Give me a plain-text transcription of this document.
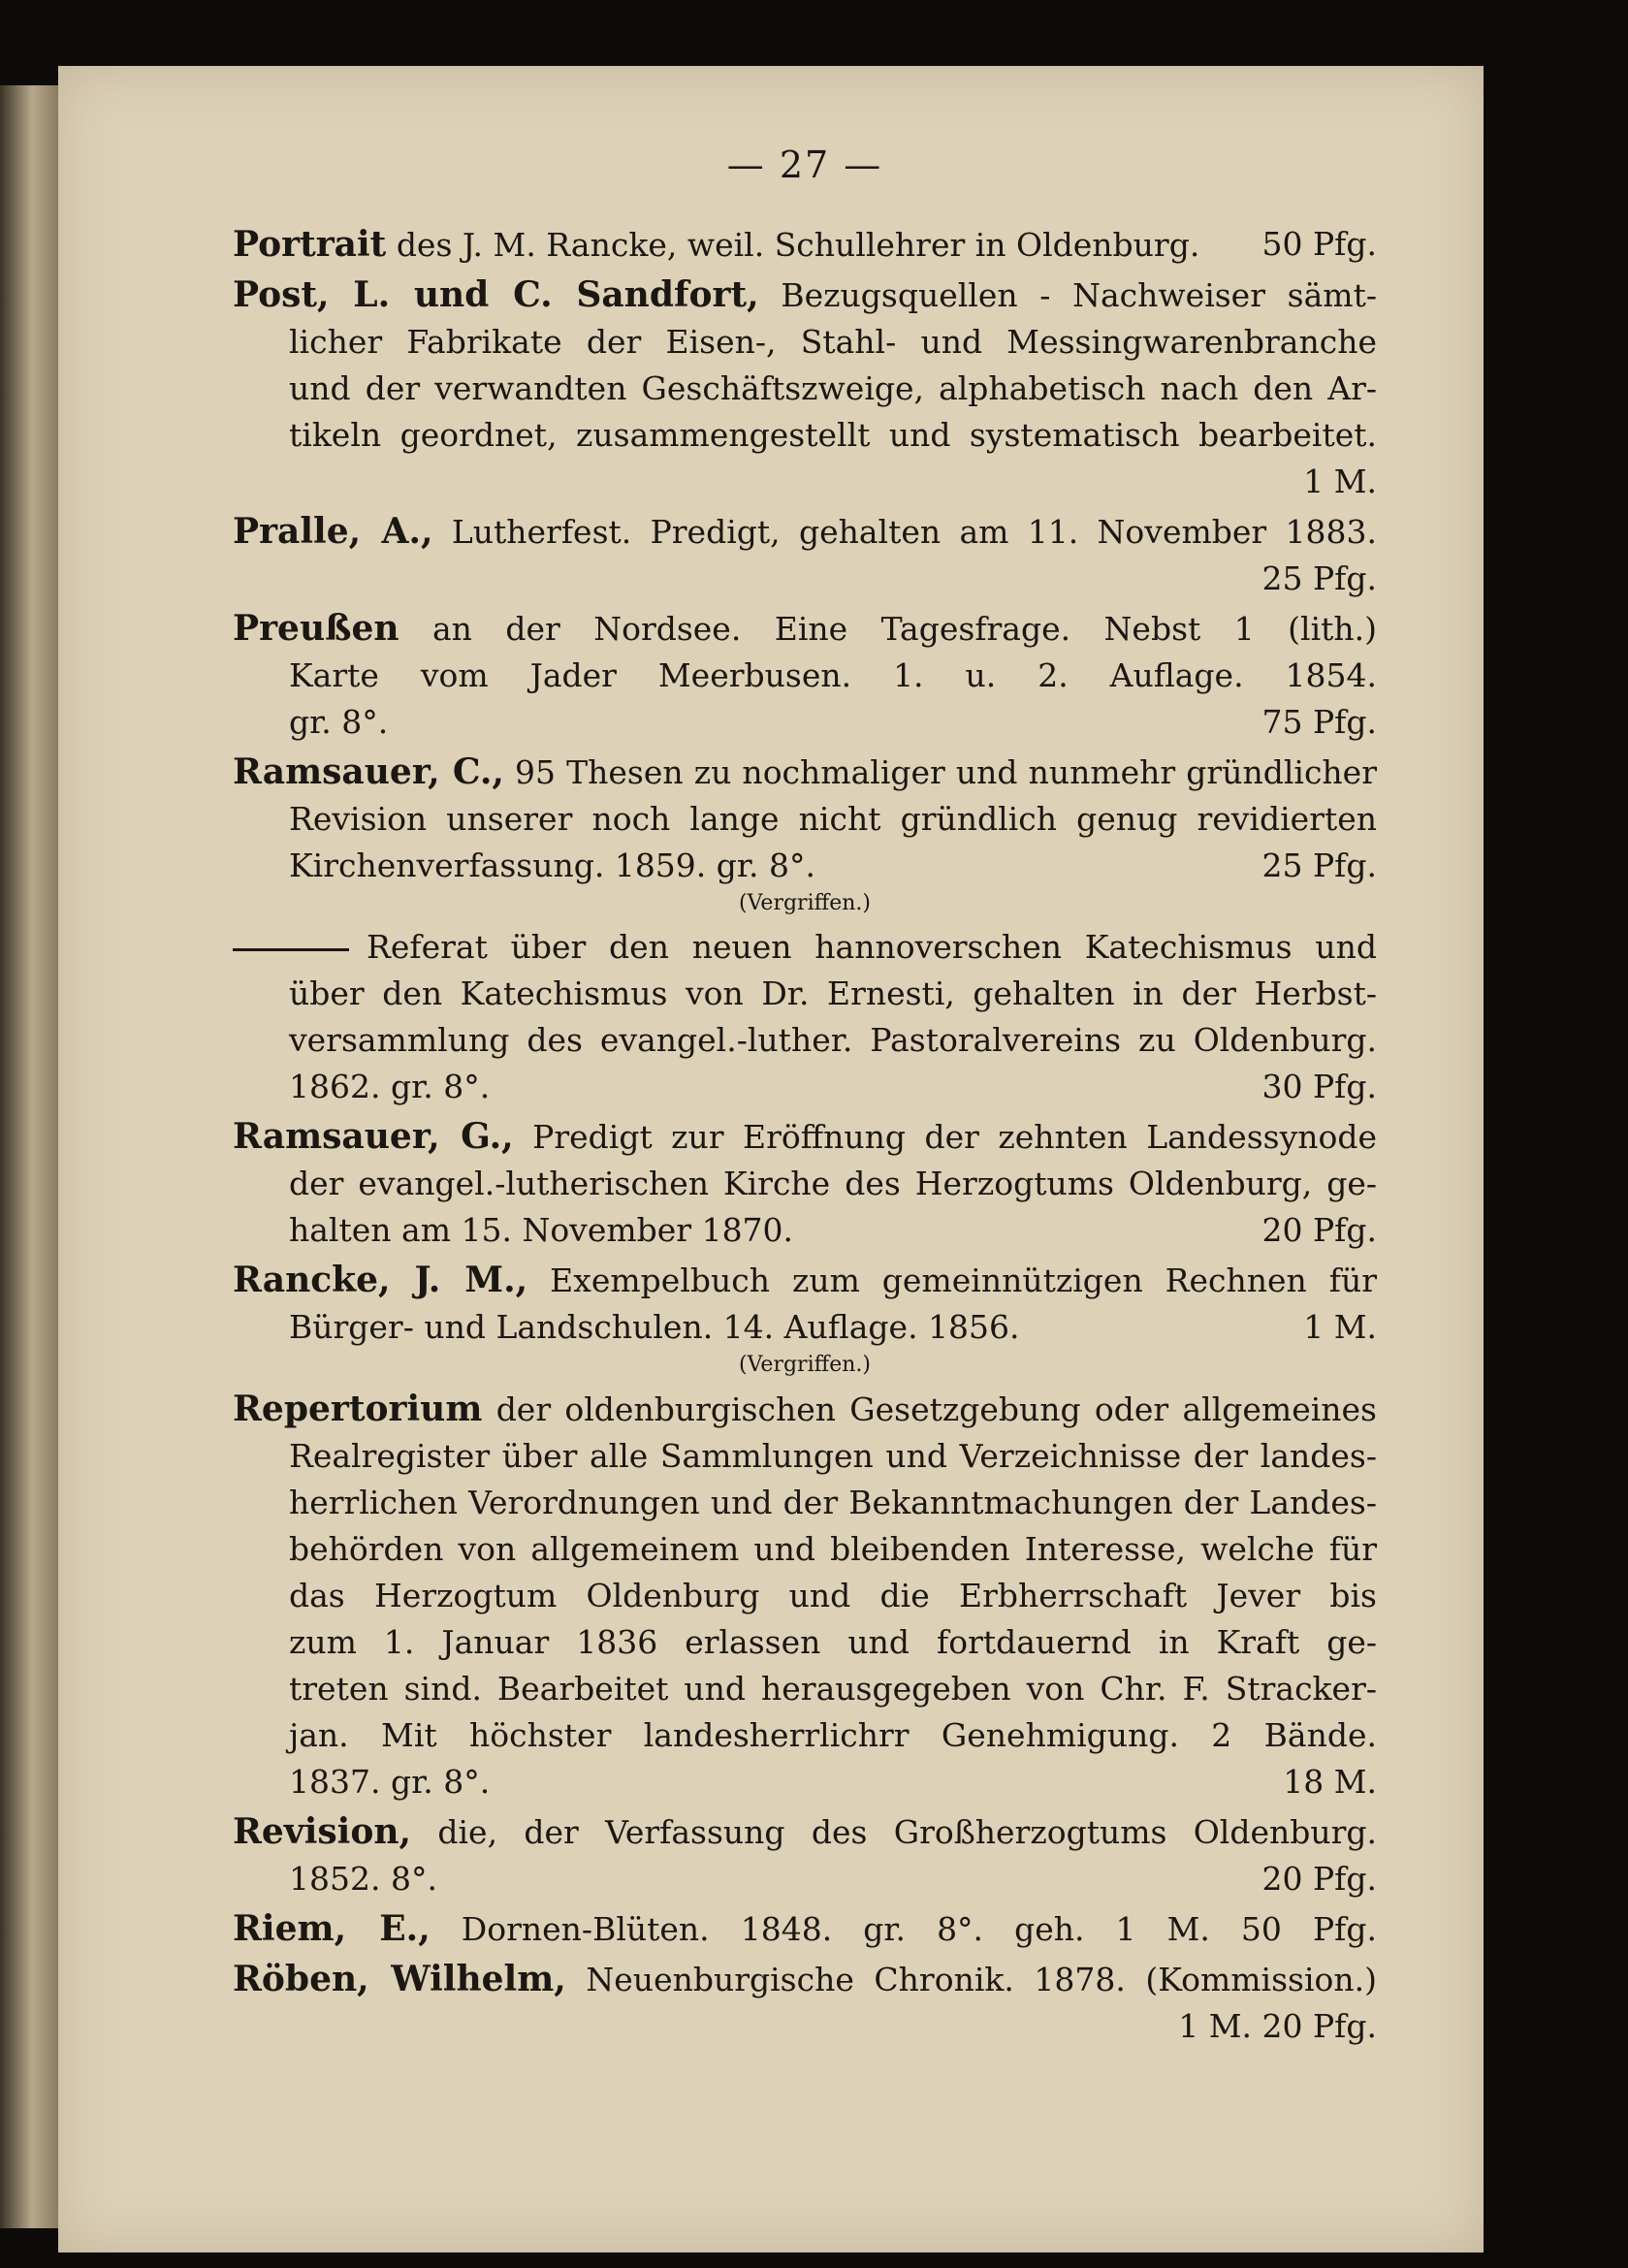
— 27 —
Portrait des J. M. Rancke, weil. Schullehrer in Oldenburg. 50 Pfg.
Post, L. und C. Sandfort, Bezugsquellen - Nachweiser sämt-
licher Fabrikate der Eisen-, Stahl- und Messingwarenbranche
und der verwandten Geschäftszweige, alphabetisch nach den Ar-
tikeln geordnet, zusammengestellt und systematisch bearbeitet.
1 M.
Pralle, A., Lutherfest. Predigt, gehalten am 11. November 1883.
25 Pfg.
Preußen an der Nordsee. Eine Tagesfrage. Nebst 1 (lith.)
Karte vom Jader Meerbusen. 1. u. 2. Auflage. 1854.
gr. 8°.	75 Pfg.
Ramsauer, C., 95 Thesen zu nochmaliger und nunmehr gründlicher
Revision unserer noch lange nicht gründlich genug revidierten
Kirchenverfassung. 1859. gr. 8°.	25 Pfg.
(Vergriffen.)
Referat über den neuen hannoverschen Katechismus und
über den Katechismus von Dr. Ernesti, gehalten in der Herbst-
versammlung des evangel.-luther. Pastoralvereins zu Oldenburg.
1862. gr. 8°.	30 Pfg.
Ramsauer, G., Predigt zur Eröffnung der zehnten Landessynode
der evangel.-lutherischen Kirche des Herzogtums Oldenburg, ge-
halten am 15. November 1870.	20 Pfg.
Rancke, J. M., Exempelbuch zum gemeinnützigen Rechnen für
Bürger- und Landschulen. 14. Auflage. 1856.	1 M.
(Vergriffen.)
Repertorium der oldenburgischen Gesetzgebung oder allgemeines
Realregister über alle Sammlungen und Verzeichnisse der landes-
herrlichen Verordnungen und der Bekanntmachungen der Landes-
behörden von allgemeinem und bleibenden Interesse, welche für
das Herzogtum Oldenburg und die Erbherrschaft Jever bis
zum 1. Januar 1836 erlassen und fortdauernd in Kraft ge-
treten sind. Bearbeitet und herausgegeben von Chr. F. Stracker-
jan. Mit höchster landesherrlichrr Genehmigung. 2 Bände.
1837. gr. 8°.	18 M.
Revision, die, der Verfassung des Großherzogtums Oldenburg.
1852. 8°.	20 Pfg.
Riem, E., Dornen-Blüten. 1848. gr. 8°. geh. 1 M. 50 Pfg.
Röben, Wilhelm, Neuenburgische Chronik. 1878. (Kommission.)
1 M. 20 Pfg.
